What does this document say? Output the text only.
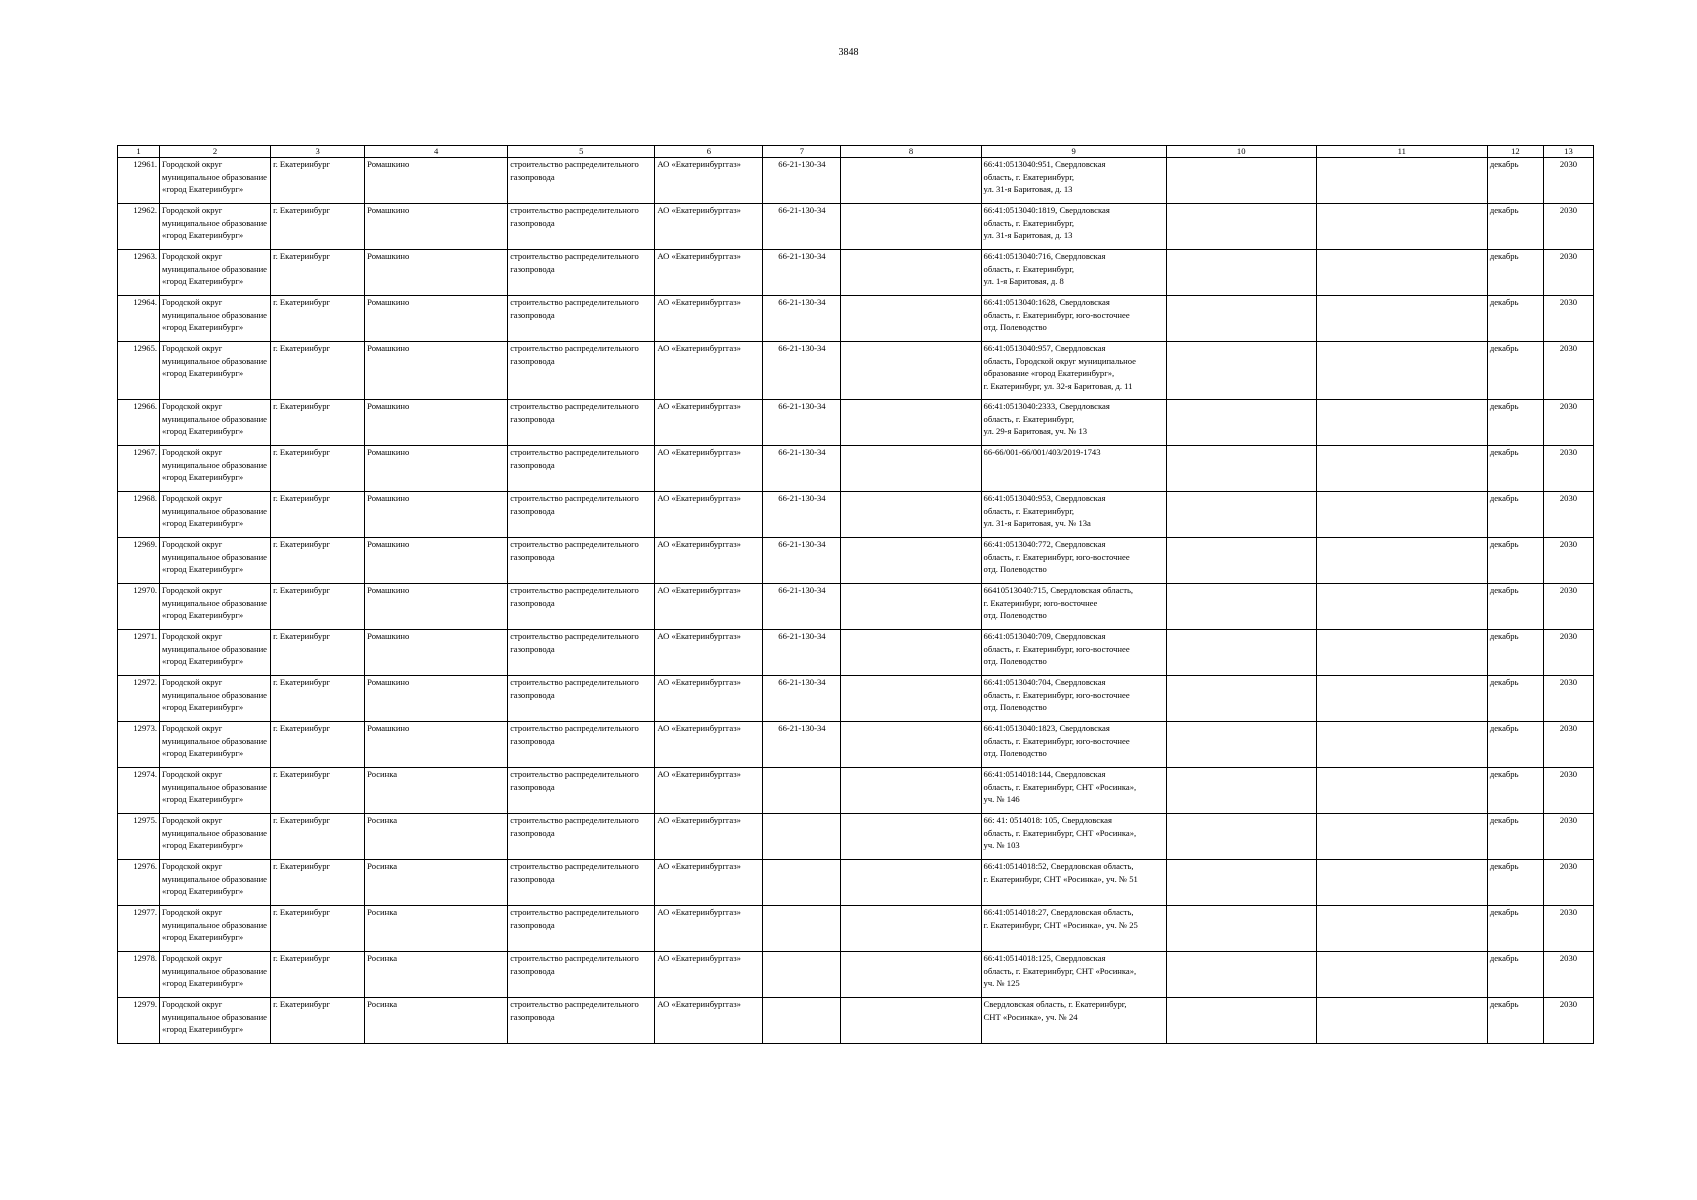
3848
1	2	3	4	5	6	7	8	9	10	11	12	13
12961.	Городской округ муниципальное образование «город Екатеринбург»	г. Екатеринбург	Ромашкино	строительство распределительного газопровода	АО «Екатеринбурггаз»	66-21-130-34		66:41:0513040:951, Свердловская
область, г. Екатеринбург,
ул. 31-я Баритовая, д. 13			декабрь	2030
12962.	Городской округ муниципальное образование «город Екатеринбург»	г. Екатеринбург	Ромашкино	строительство распределительного газопровода	АО «Екатеринбурггаз»	66-21-130-34		66:41:0513040:1819, Свердловская
область, г. Екатеринбург,
ул. 31-я Баритовая, д. 13			декабрь	2030
12963.	Городской округ муниципальное образование «город Екатеринбург»	г. Екатеринбург	Ромашкино	строительство распределительного газопровода	АО «Екатеринбурггаз»	66-21-130-34		66:41:0513040:716, Свердловская
область, г. Екатеринбург,
ул. 1-я Баритовая, д. 8			декабрь	2030
12964.	Городской округ муниципальное образование «город Екатеринбург»	г. Екатеринбург	Ромашкино	строительство распределительного газопровода	АО «Екатеринбурггаз»	66-21-130-34		66:41:0513040:1628, Свердловская
область, г. Екатеринбург, юго-восточнее
отд. Полеводство			декабрь	2030
12965.	Городской округ муниципальное образование «город Екатеринбург»	г. Екатеринбург	Ромашкино	строительство распределительного газопровода	АО «Екатеринбурггаз»	66-21-130-34		66:41:0513040:957, Свердловская
область, Городской округ муниципальное
образование «город Екатеринбург»,
г. Екатеринбург, ул. 32-я Баритовая, д. 11			декабрь	2030
12966.	Городской округ муниципальное образование «город Екатеринбург»	г. Екатеринбург	Ромашкино	строительство распределительного газопровода	АО «Екатеринбурггаз»	66-21-130-34		66:41:0513040:2333, Свердловская
область, г. Екатеринбург,
ул. 29-я Баритовая, уч. № 13			декабрь	2030
12967.	Городской округ муниципальное образование «город Екатеринбург»	г. Екатеринбург	Ромашкино	строительство распределительного газопровода	АО «Екатеринбурггаз»	66-21-130-34		66-66/001-66/001/403/2019-1743			декабрь	2030
12968.	Городской округ муниципальное образование «город Екатеринбург»	г. Екатеринбург	Ромашкино	строительство распределительного газопровода	АО «Екатеринбурггаз»	66-21-130-34		66:41:0513040:953, Свердловская
область, г. Екатеринбург,
ул. 31-я Баритовая, уч. № 13а			декабрь	2030
12969.	Городской округ муниципальное образование «город Екатеринбург»	г. Екатеринбург	Ромашкино	строительство распределительного газопровода	АО «Екатеринбурггаз»	66-21-130-34		66:41:0513040:772, Свердловская
область, г. Екатеринбург, юго-восточнее
отд. Полеводство			декабрь	2030
12970.	Городской округ муниципальное образование «город Екатеринбург»	г. Екатеринбург	Ромашкино	строительство распределительного газопровода	АО «Екатеринбурггаз»	66-21-130-34		66410513040:715, Свердловская область,
г. Екатеринбург, юго-восточнее
отд. Полеводство			декабрь	2030
12971.	Городской округ муниципальное образование «город Екатеринбург»	г. Екатеринбург	Ромашкино	строительство распределительного газопровода	АО «Екатеринбурггаз»	66-21-130-34		66:41:0513040:709, Свердловская
область, г. Екатеринбург, юго-восточнее
отд. Полеводство			декабрь	2030
12972.	Городской округ муниципальное образование «город Екатеринбург»	г. Екатеринбург	Ромашкино	строительство распределительного газопровода	АО «Екатеринбурггаз»	66-21-130-34		66:41:0513040:704, Свердловская
область, г. Екатеринбург, юго-восточнее
отд. Полеводство			декабрь	2030
12973.	Городской округ муниципальное образование «город Екатеринбург»	г. Екатеринбург	Ромашкино	строительство распределительного газопровода	АО «Екатеринбурггаз»	66-21-130-34		66:41:0513040:1823, Свердловская
область, г. Екатеринбург, юго-восточнее
отд. Полеводство			декабрь	2030
12974.	Городской округ муниципальное образование «город Екатеринбург»	г. Екатеринбург	Росинка	строительство распределительного газопровода	АО «Екатеринбурггаз»			66:41:0514018:144, Свердловская
область, г. Екатеринбург, СНТ «Росинка»,
уч. № 146			декабрь	2030
12975.	Городской округ муниципальное образование «город Екатеринбург»	г. Екатеринбург	Росинка	строительство распределительного газопровода	АО «Екатеринбурггаз»			66: 41: 0514018: 105, Свердловская
область, г. Екатеринбург, СНТ «Росинка»,
уч. № 103			декабрь	2030
12976.	Городской округ муниципальное образование «город Екатеринбург»	г. Екатеринбург	Росинка	строительство распределительного газопровода	АО «Екатеринбурггаз»			66:41:0514018:52, Свердловская область,
г. Екатеринбург, СНТ «Росинка», уч. № 51			декабрь	2030
12977.	Городской округ муниципальное образование «город Екатеринбург»	г. Екатеринбург	Росинка	строительство распределительного газопровода	АО «Екатеринбурггаз»			66:41:0514018:27, Свердловская область,
г. Екатеринбург, СНТ «Росинка», уч. № 25			декабрь	2030
12978.	Городской округ муниципальное образование «город Екатеринбург»	г. Екатеринбург	Росинка	строительство распределительного газопровода	АО «Екатеринбурггаз»			66:41:0514018:125, Свердловская
область, г. Екатеринбург, СНТ «Росинка»,
уч. № 125			декабрь	2030
12979.	Городской округ муниципальное образование «город Екатеринбург»	г. Екатеринбург	Росинка	строительство распределительного газопровода	АО «Екатеринбурггаз»			Свердловская область, г. Екатеринбург,
СНТ «Росинка», уч. № 24			декабрь	2030
